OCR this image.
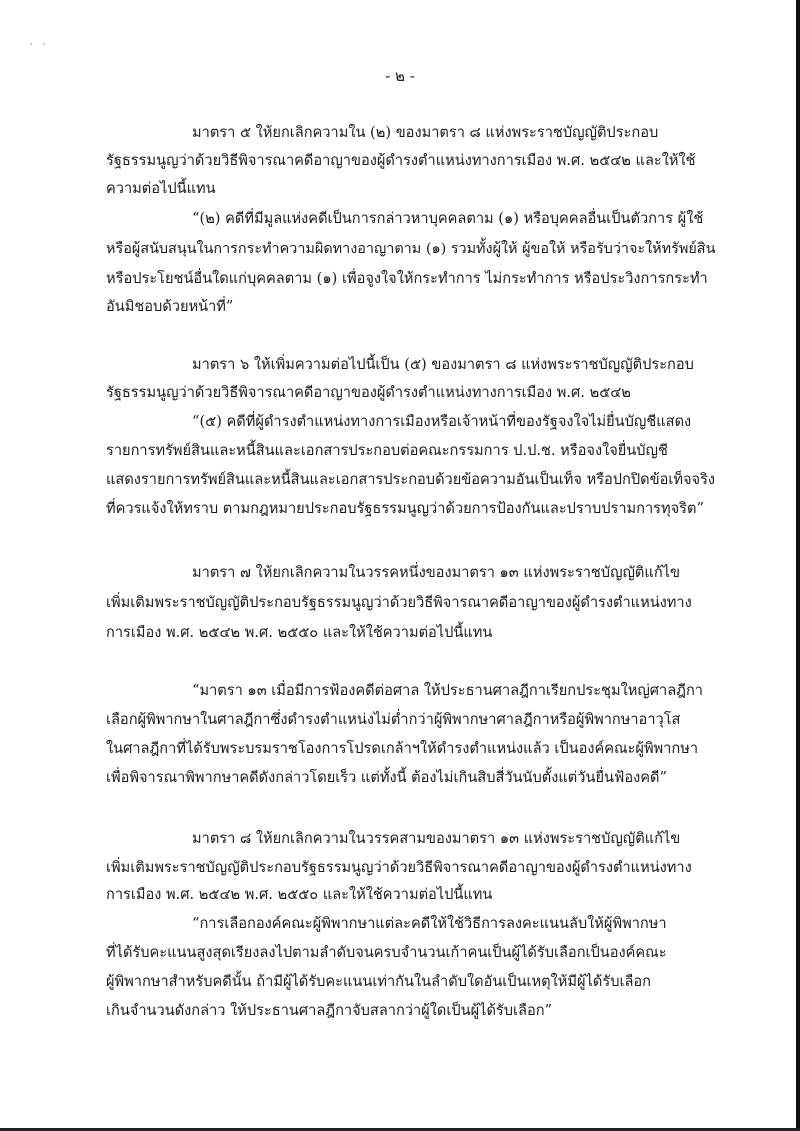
' '
- ๒ -
มาตรา ๕ ให้ยกเลิกความใน (๒) ของมาตรา ๘ แห่งพระราชบัญญัติประกอบ
รัฐธรรมนูญว่าด้วยวิธีพิจารณาคดีอาญาของผู้ดำรงตำแหน่งทางการเมือง พ.ศ. ๒๕๔๒ และให้ใช้
ความต่อไปนี้แทน
“(๒) คดีที่มีมูลแห่งคดีเป็นการกล่าวหาบุคคลตาม (๑) หรือบุคคลอื่นเป็นตัวการ ผู้ใช้
หรือผู้สนับสนุนในการกระทำความผิดทางอาญาตาม (๑) รวมทั้งผู้ให้ ผู้ขอให้ หรือรับว่าจะให้ทรัพย์สิน
หรือประโยชน์อื่นใดแก่บุคคลตาม (๑) เพื่อจูงใจให้กระทำการ ไม่กระทำการ หรือประวิงการกระทำ
อันมิชอบด้วยหน้าที่”
มาตรา ๖ ให้เพิ่มความต่อไปนี้เป็น (๕) ของมาตรา ๘ แห่งพระราชบัญญัติประกอบ
รัฐธรรมนูญว่าด้วยวิธีพิจารณาคดีอาญาของผู้ดำรงตำแหน่งทางการเมือง พ.ศ. ๒๕๔๒
“(๕) คดีที่ผู้ดำรงตำแหน่งทางการเมืองหรือเจ้าหน้าที่ของรัฐจงใจไม่ยื่นบัญชีแสดง
รายการทรัพย์สินและหนี้สินและเอกสารประกอบต่อคณะกรรมการ ป.ป.ช. หรือจงใจยื่นบัญชี
แสดงรายการทรัพย์สินและหนี้สินและเอกสารประกอบด้วยข้อความอันเป็นเท็จ หรือปกปิดข้อเท็จจริง
ที่ควรแจ้งให้ทราบ ตามกฎหมายประกอบรัฐธรรมนูญว่าด้วยการป้องกันและปราบปรามการทุจริต”
มาตรา ๗ ให้ยกเลิกความในวรรคหนึ่งของมาตรา ๑๓ แห่งพระราชบัญญัติแก้ไข
เพิ่มเติมพระราชบัญญัติประกอบรัฐธรรมนูญว่าด้วยวิธีพิจารณาคดีอาญาของผู้ดำรงตำแหน่งทาง
การเมือง พ.ศ. ๒๕๔๒ พ.ศ. ๒๕๕๐ และให้ใช้ความต่อไปนี้แทน
“มาตรา ๑๓ เมื่อมีการฟ้องคดีต่อศาล ให้ประธานศาลฎีกาเรียกประชุมใหญ่ศาลฎีกา
เลือกผู้พิพากษาในศาลฎีกาซึ่งดำรงตำแหน่งไม่ต่ำกว่าผู้พิพากษาศาลฎีกาหรือผู้พิพากษาอาวุโส
ในศาลฎีกาที่ได้รับพระบรมราชโองการโปรดเกล้าฯให้ดำรงตำแหน่งแล้ว เป็นองค์คณะผู้พิพากษา
เพื่อพิจารณาพิพากษาคดีดังกล่าวโดยเร็ว แต่ทั้งนี้ ต้องไม่เกินสิบสี่วันนับตั้งแต่วันยื่นฟ้องคดี”
มาตรา ๘ ให้ยกเลิกความในวรรคสามของมาตรา ๑๓ แห่งพระราชบัญญัติแก้ไข
เพิ่มเติมพระราชบัญญัติประกอบรัฐธรรมนูญว่าด้วยวิธีพิจารณาคดีอาญาของผู้ดำรงตำแหน่งทาง
การเมือง พ.ศ. ๒๕๔๒ พ.ศ. ๒๕๕๐ และให้ใช้ความต่อไปนี้แทน
“การเลือกองค์คณะผู้พิพากษาแต่ละคดีให้ใช้วิธีการลงคะแนนลับให้ผู้พิพากษา
ที่ได้รับคะแนนสูงสุดเรียงลงไปตามลำดับจนครบจำนวนเก้าคนเป็นผู้ได้รับเลือกเป็นองค์คณะ
ผู้พิพากษาสำหรับคดีนั้น ถ้ามีผู้ได้รับคะแนนเท่ากันในลำดับใดอันเป็นเหตุให้มีผู้ได้รับเลือก
เกินจำนวนดังกล่าว ให้ประธานศาลฎีกาจับสลากว่าผู้ใดเป็นผู้ได้รับเลือก”
